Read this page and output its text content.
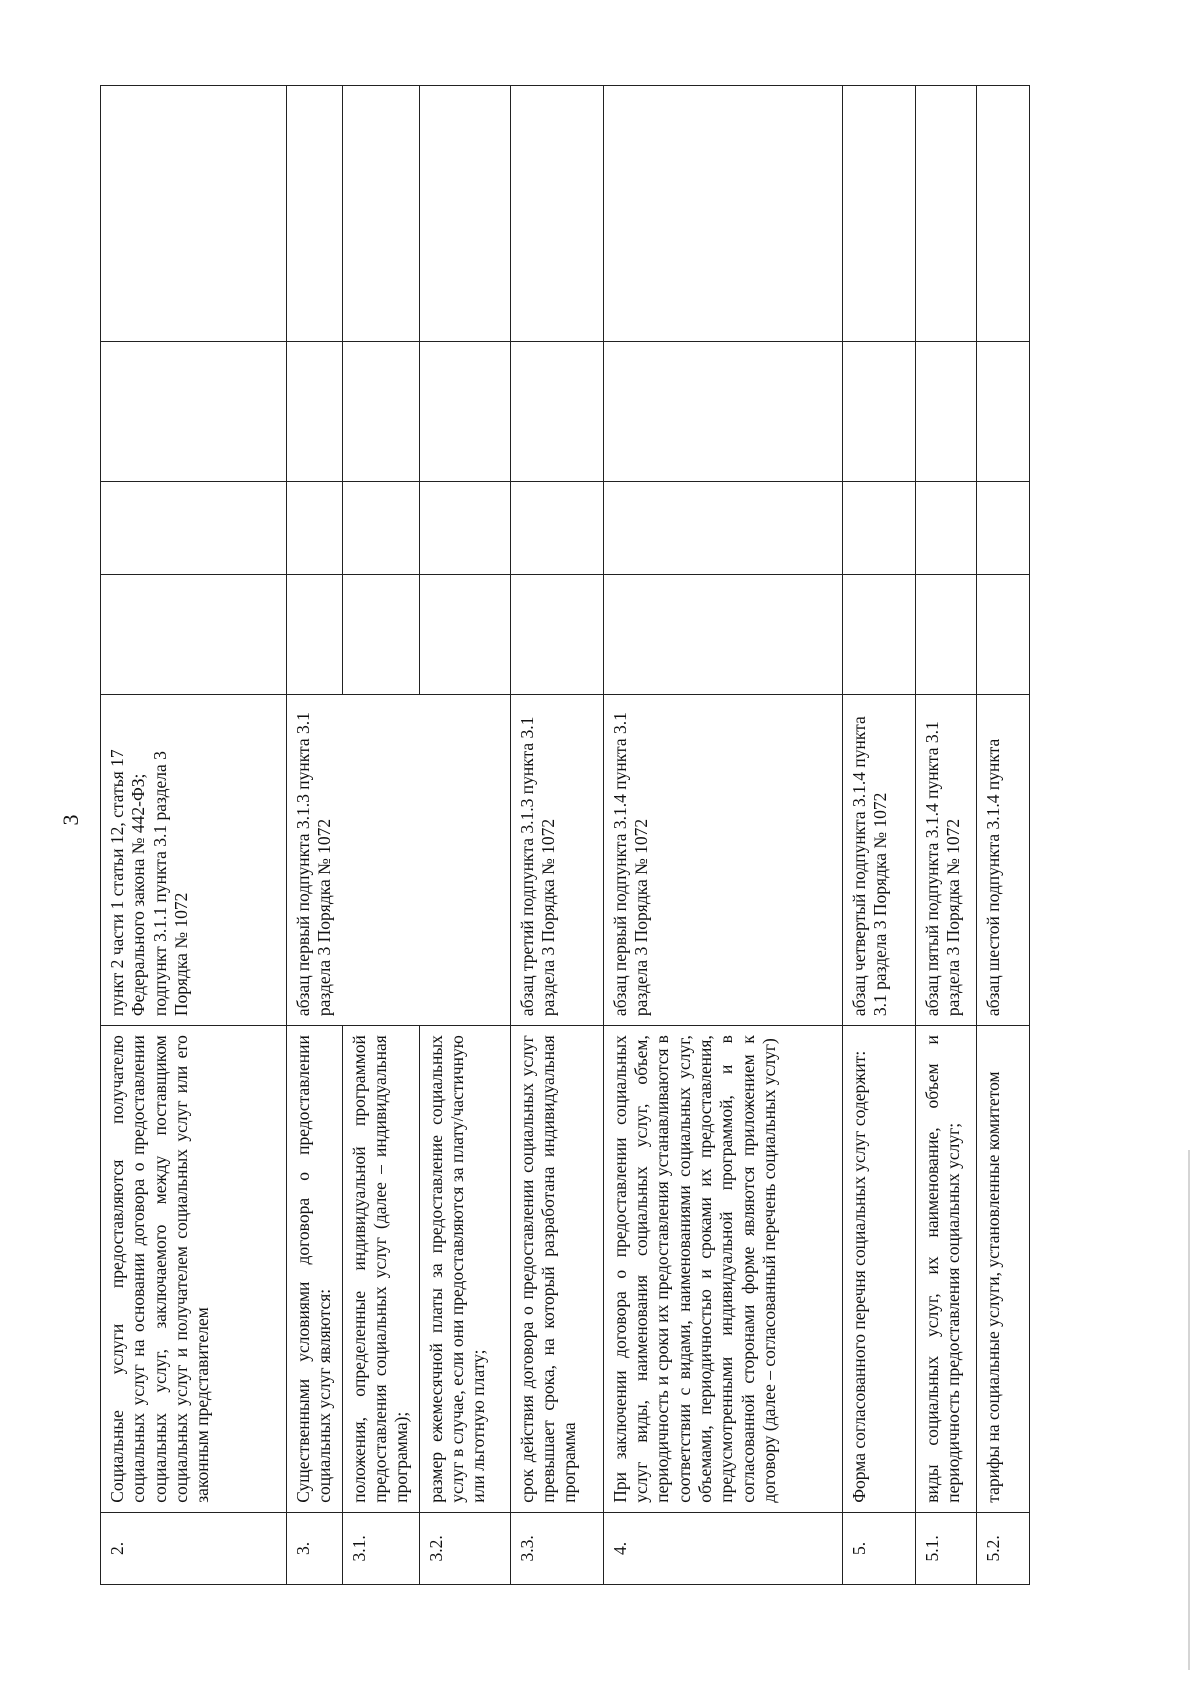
3
2.	Социальные услуги предоставляются получателю социальных услуг на основании договора о предоставлении социальных услуг, заключаемого между поставщиком социальных услуг и получателем социальных услуг или его законным представителем	пункт 2 части 1 статьи 12, статья 17 Федерального закона № 442-ФЗ; подпункт 3.1.1 пункта 3.1 раздела 3 Порядка № 1072				
3.	Существенными условиями договора о предоставлении социальных услуг являются:	абзац первый подпункта 3.1.3 пункта 3.1 раздела 3 Порядка № 1072				
3.1.	положения, определенные индивидуальной программой предоставления социальных услуг (далее – индивидуальная программа);					
3.2.	размер ежемесячной платы за предоставление социальных услуг в случае, если они предоставляются за плату/частичную или льготную плату;					
3.3.	срок действия договора о предоставлении социальных услуг превышает срока, на который разработана индивидуальная программа	абзац третий подпункта 3.1.3 пункта 3.1 раздела 3 Порядка № 1072				
4.	При заключении договора о предоставлении социальных услуг виды, наименования социальных услуг, объем, периодичность и сроки их предоставления устанавливаются в соответствии с видами, наименованиями социальных услуг, объемами, периодичностью и сроками их предоставления, предусмотренными индивидуальной программой, и в согласованной сторонами форме являются приложением к договору (далее – согласованный перечень социальных услуг)	абзац первый подпункта 3.1.4 пункта 3.1 раздела 3 Порядка № 1072				
5.	Форма согласованного перечня социальных услуг содержит:	абзац четвертый подпункта 3.1.4 пункта 3.1 раздела 3 Порядка № 1072				
5.1.	виды социальных услуг, их наименование, объем и периодичность предоставления социальных услуг;	абзац пятый подпункта 3.1.4 пункта 3.1 раздела 3 Порядка № 1072				
5.2.	тарифы на социальные услуги, установленные комитетом	абзац шестой подпункта 3.1.4 пункта				
